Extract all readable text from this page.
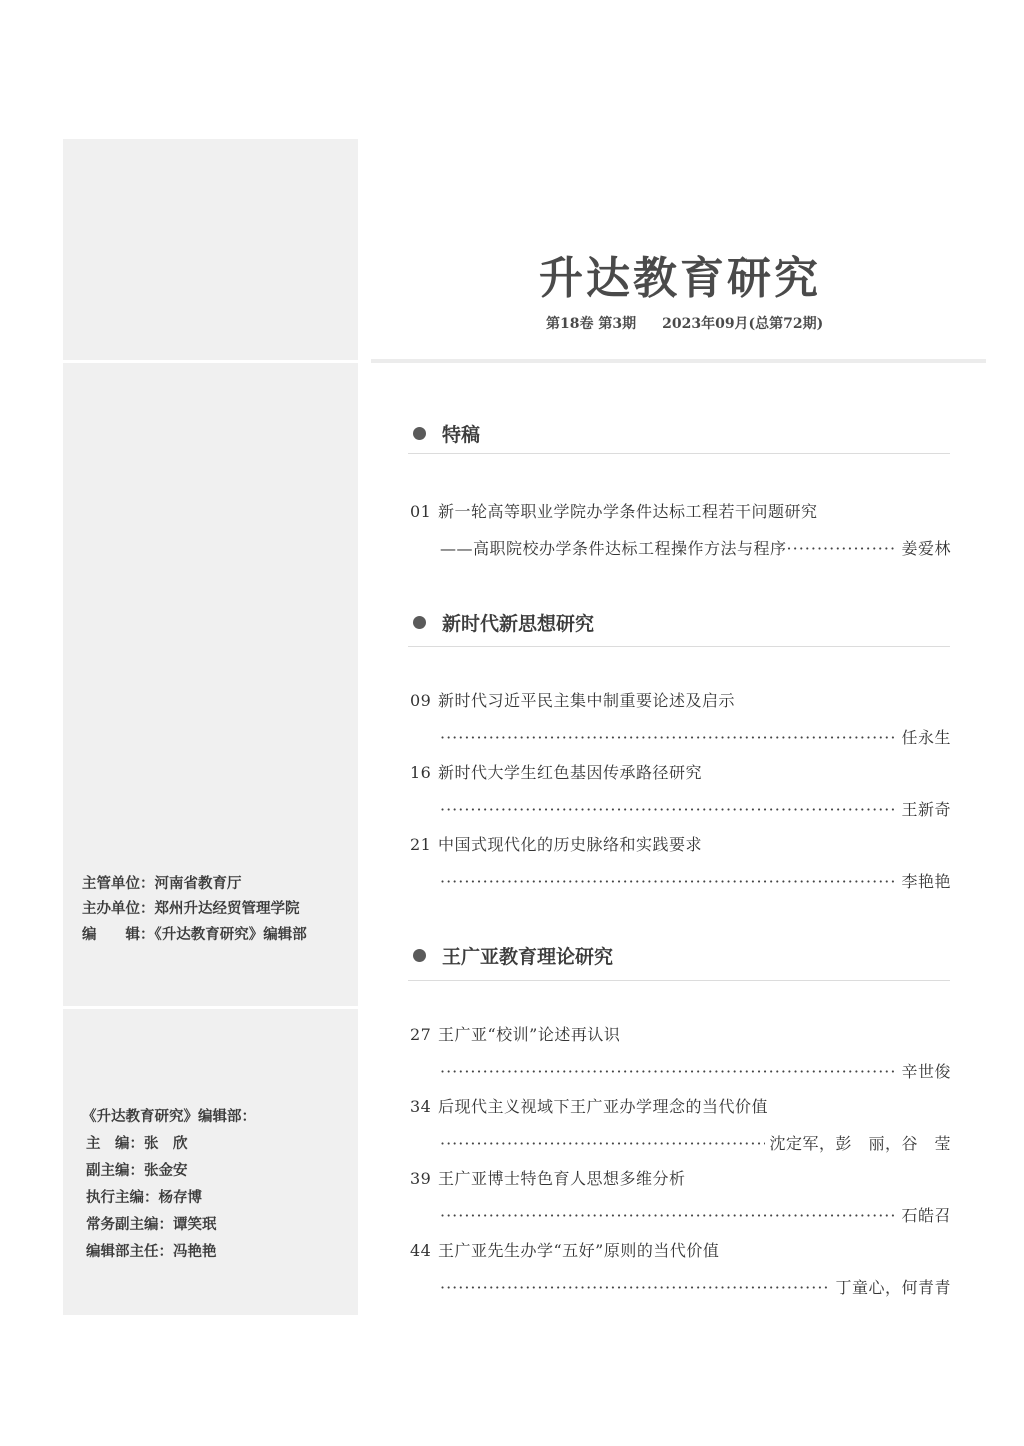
主管单位：河南省教育厅
主办单位：郑州升达经贸管理学院
编　　辑：《升达教育研究》编辑部
《升达教育研究》编辑部：
主　编：张　欣
副主编：张金安
执行主编：杨存博
常务副主编：谭笑珉
编辑部主任：冯艳艳
升达教育研究
第18卷 第3期 2023年09月(总第72期)
特稿
01 新一轮高等职业学院办学条件达标工程若干问题研究
——高职院校办学条件达标工程操作方法与程序
·····	姜爱林
新时代新思想研究
09 新时代习近平民主集中制重要论述及启示
·····
任永生
16 新时代大学生红色基因传承路径研究
·····
王新奇
21 中国式现代化的历史脉络和实践要求
·····
李艳艳
王广亚教育理论研究
27 王广亚“校训”论述再认识
·····
辛世俊
34 后现代主义视域下王广亚办学理念的当代价值
·····
沈定军，彭　丽，谷　莹
39 王广亚博士特色育人思想多维分析
·····
石皓召
44 王广亚先生办学“五好”原则的当代价值
·····
丁童心，何青青
